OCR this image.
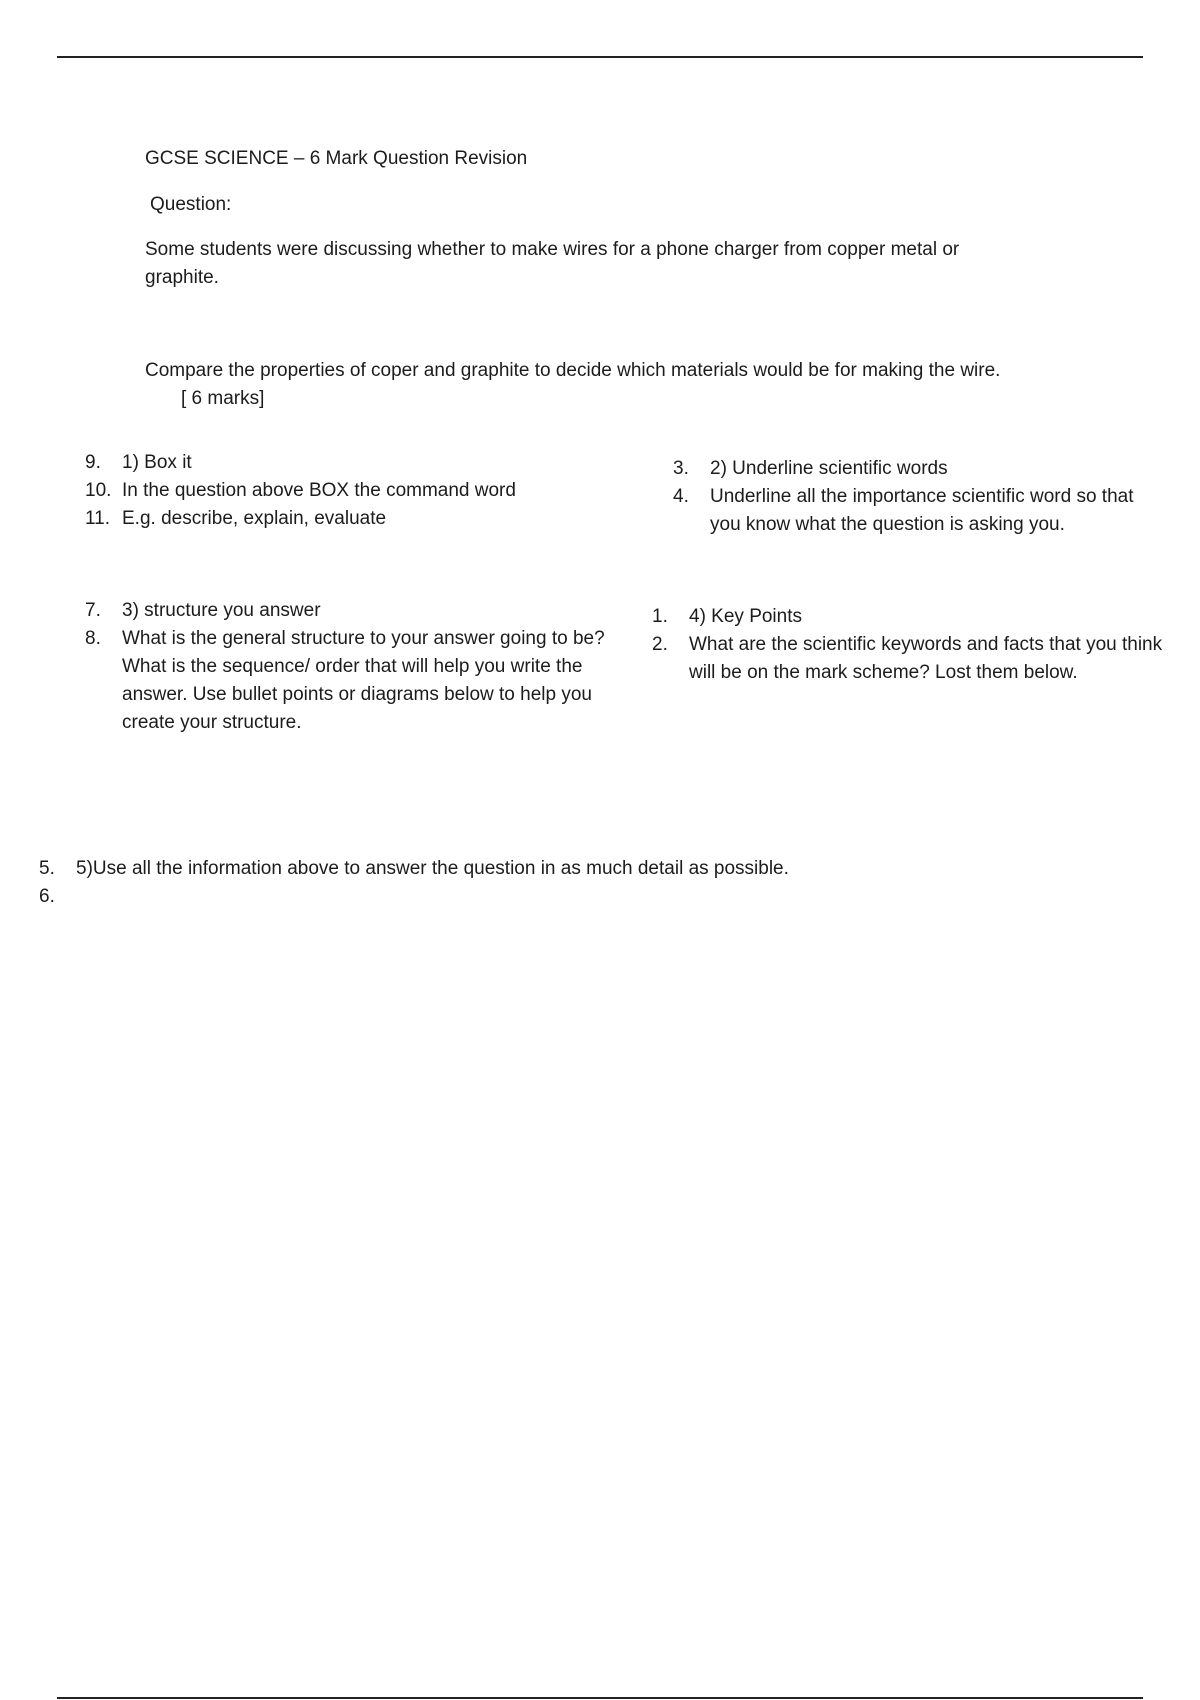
GCSE SCIENCE – 6 Mark Question Revision

Question:

Some students were discussing whether to make wires for a phone charger from copper metal or graphite.

Compare the properties of coper and graphite to decide which materials would be for making the wire.[ 6 marks]

9.	1) Box it
10. In the question above BOX the command word
11. E.g. describe, explain, evaluate
3.	2) Underline scientific words
4.	Underline all the importance scientific word so that you know what the question is asking you.
7.	3) structure you answer
8.	What is the general structure to your answer going to be? What is the sequence/ order that will help you write the answer. Use bullet points or diagrams below to help you create your structure.
1.	4) Key Points
2.	What are the scientific keywords and facts that you think will be on the mark scheme? Lost them below.
5.	5)Use all the information above to answer the question in as much detail as possible.
6.
